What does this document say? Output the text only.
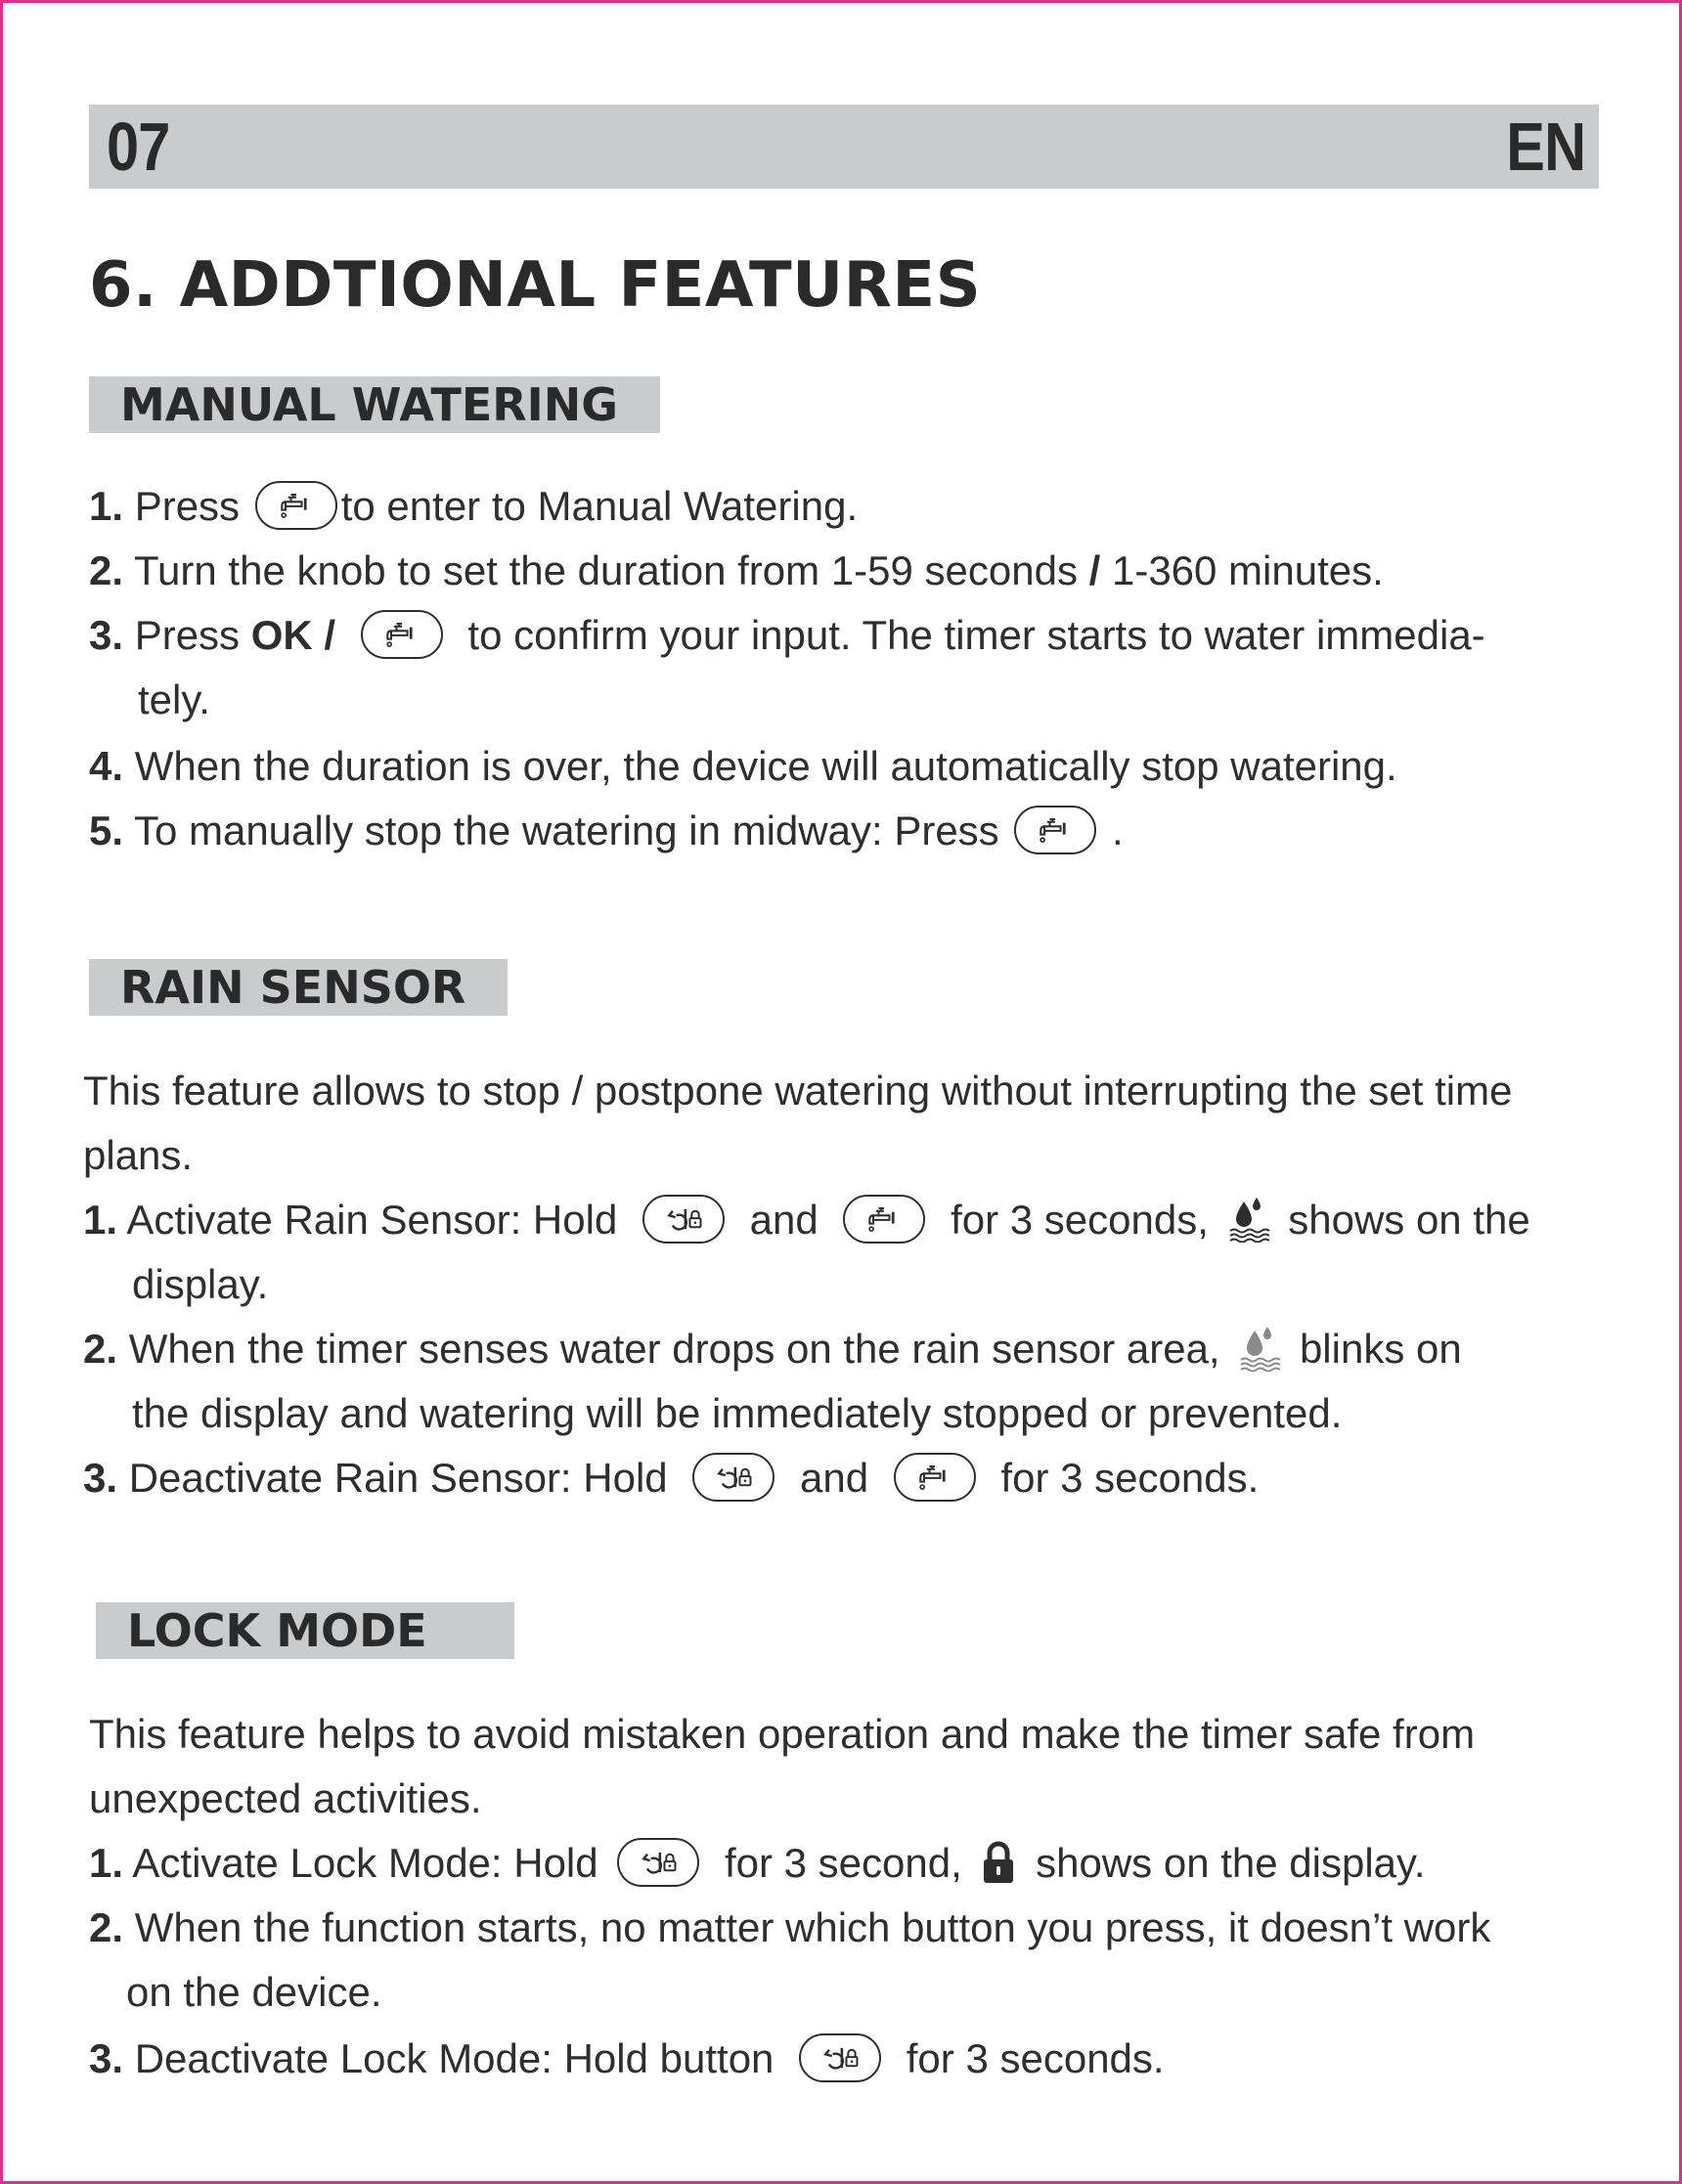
07	EN
6. ADDTIONAL FEATURES
MANUAL WATERING
1. Press to enter to Manual Watering.
2. Turn the knob to set the duration from 1-59 seconds / 1-360 minutes.
3. Press OK /	to confirm your input. The timer starts to water immedia-
tely.
4. When the duration is over, the device will automatically stop watering.
5. To manually stop the watering in midway: Press	.
RAIN SENSOR
This feature allows to stop / postpone watering without interrupting the set time
plans.
1. Activate Rain Sensor: Hold	and	for 3 seconds, shows on the
display.
2. When the timer senses water drops on the rain sensor area, blinks on
the display and watering will be immediately stopped or prevented.
3. Deactivate Rain Sensor: Hold	and	for 3 seconds.
LOCK MODE
This feature helps to avoid mistaken operation and make the timer safe from
unexpected activities.
1. Activate Lock Mode: Hold	for 3 second, shows on the display.
2. When the function starts, no matter which button you press, it doesn’t work
on the device.
3. Deactivate Lock Mode: Hold button	for 3 seconds.
